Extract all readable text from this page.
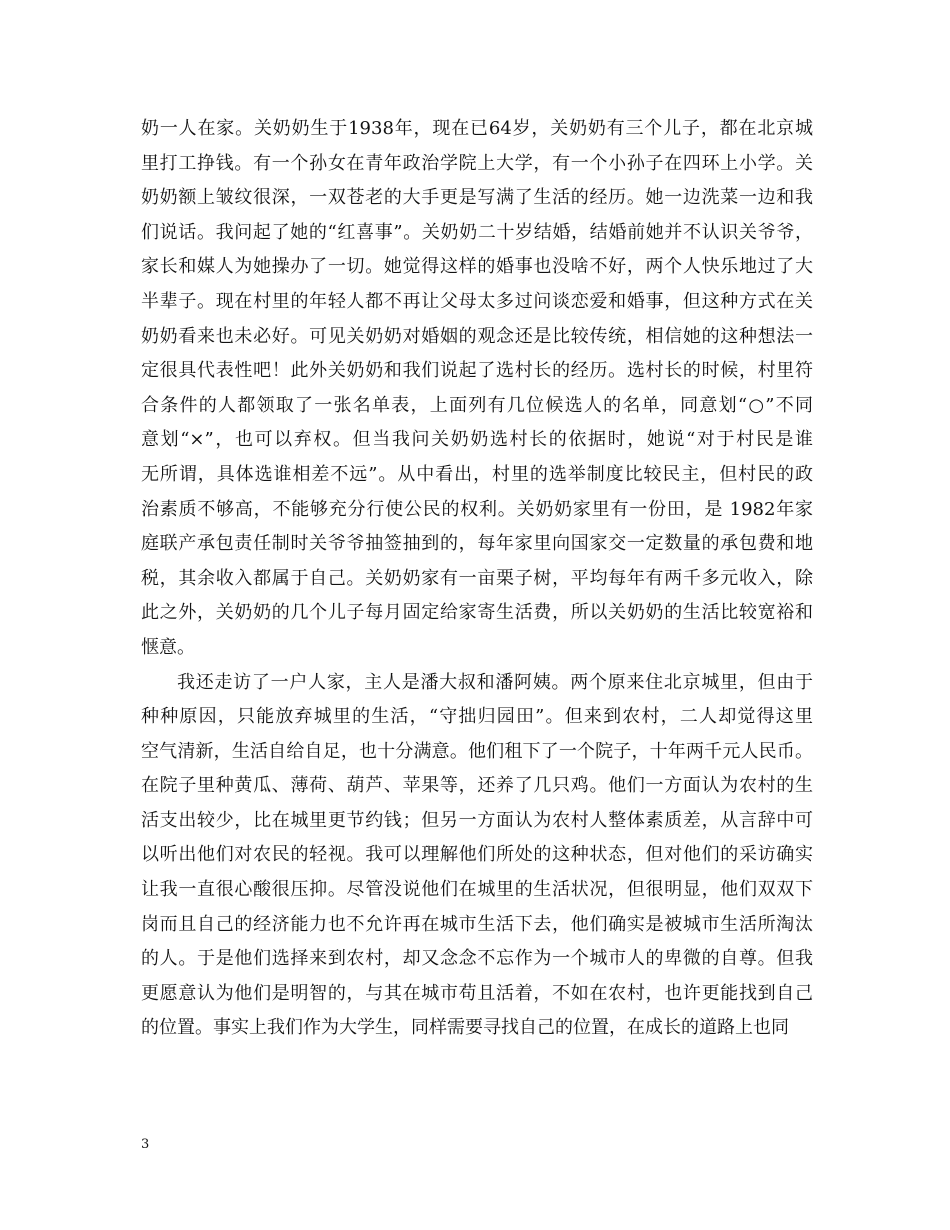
奶一人在家。关奶奶生于1938年，现在已64岁，关奶奶有三个儿子，都在北京城
里打工挣钱。有一个孙女在青年政治学院上大学，有一个小孙子在四环上小学。关
奶奶额上皱纹很深，一双苍老的大手更是写满了生活的经历。她一边洗菜一边和我
们说话。我问起了她的“红喜事”。关奶奶二十岁结婚，结婚前她并不认识关爷爷，
家长和媒人为她操办了一切。她觉得这样的婚事也没啥不好，两个人快乐地过了大
半辈子。现在村里的年轻人都不再让父母太多过问谈恋爱和婚事，但这种方式在关
奶奶看来也未必好。可见关奶奶对婚姻的观念还是比较传统，相信她的这种想法一
定很具代表性吧！此外关奶奶和我们说起了选村长的经历。选村长的时候，村里符
合条件的人都领取了一张名单表，上面列有几位候选人的名单，同意划“○”不同
意划“×”，也可以弃权。但当我问关奶奶选村长的依据时，她说“对于村民是谁
无所谓，具体选谁相差不远”。从中看出，村里的选举制度比较民主，但村民的政
治素质不够高，不能够充分行使公民的权利。关奶奶家里有一份田，是 1982年家
庭联产承包责任制时关爷爷抽签抽到的，每年家里向国家交一定数量的承包费和地
税，其余收入都属于自己。关奶奶家有一亩栗子树，平均每年有两千多元收入，除
此之外，关奶奶的几个儿子每月固定给家寄生活费，所以关奶奶的生活比较宽裕和
惬意。
我还走访了一户人家，主人是潘大叔和潘阿姨。两个原来住北京城里，但由于
种种原因，只能放弃城里的生活，“守拙归园田”。但来到农村，二人却觉得这里
空气清新，生活自给自足，也十分满意。他们租下了一个院子，十年两千元人民币。
在院子里种黄瓜、薄荷、葫芦、苹果等，还养了几只鸡。他们一方面认为农村的生
活支出较少，比在城里更节约钱；但另一方面认为农村人整体素质差，从言辞中可
以听出他们对农民的轻视。我可以理解他们所处的这种状态，但对他们的采访确实
让我一直很心酸很压抑。尽管没说他们在城里的生活状况，但很明显，他们双双下
岗而且自己的经济能力也不允许再在城市生活下去，他们确实是被城市生活所淘汰
的人。于是他们选择来到农村，却又念念不忘作为一个城市人的卑微的自尊。但我
更愿意认为他们是明智的，与其在城市苟且活着，不如在农村，也许更能找到自己
的位置。事实上我们作为大学生，同样需要寻找自己的位置，在成长的道路上也同
3
